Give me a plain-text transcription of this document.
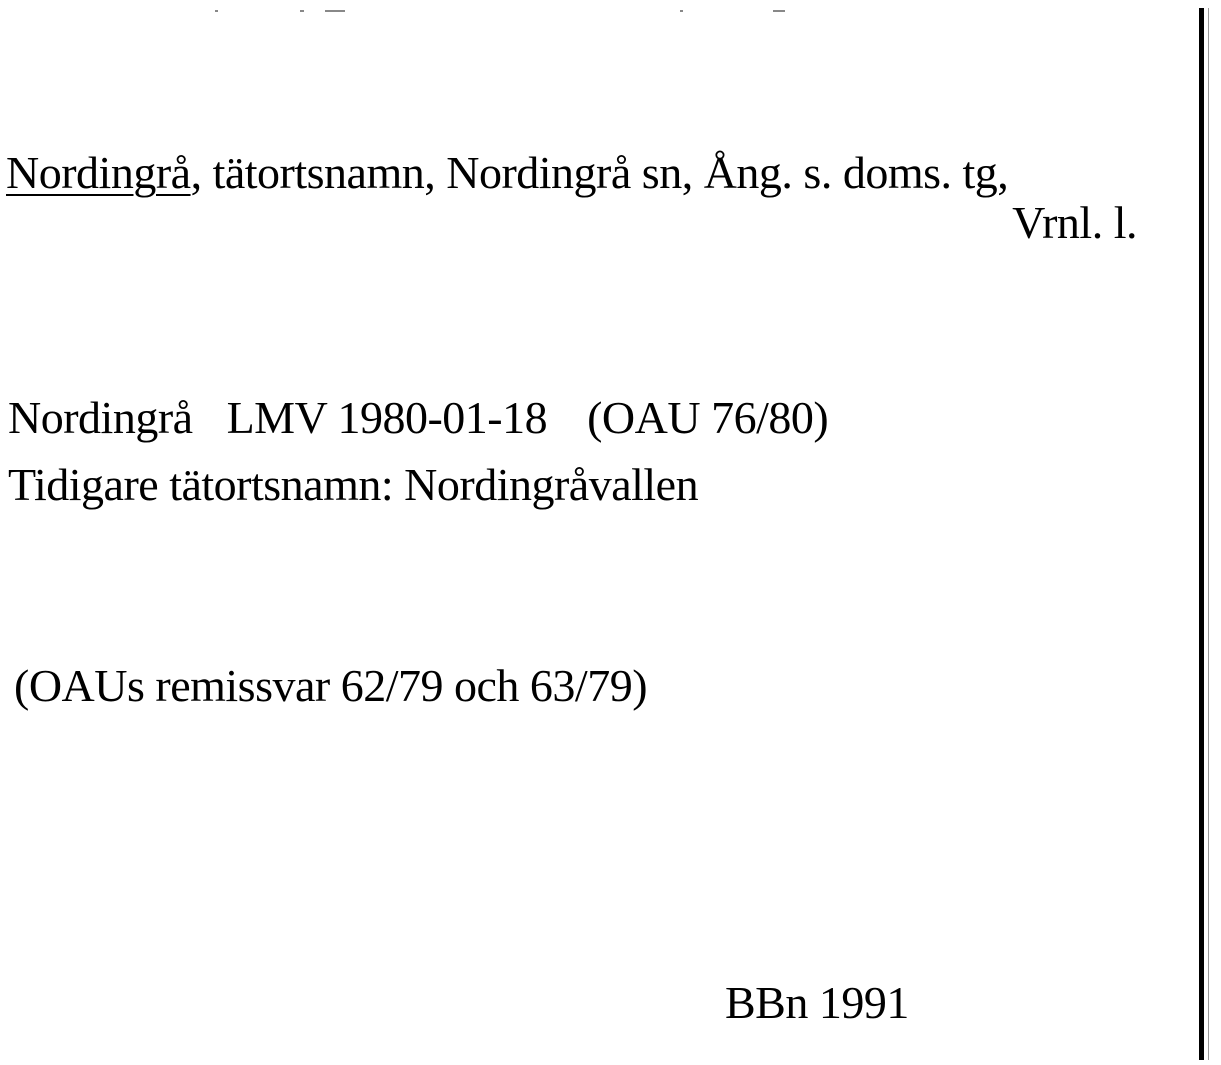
Nordingrå, tätortsnamn, Nordingrå sn, Ång. s. doms. tg,
Vrnl. l.
Nordingrå LMV 1980-01-18 (OAU 76/80)
Tidigare tätortsnamn: Nordingråvallen
(OAUs remissvar 62/79 och 63/79)
BBn 1991
